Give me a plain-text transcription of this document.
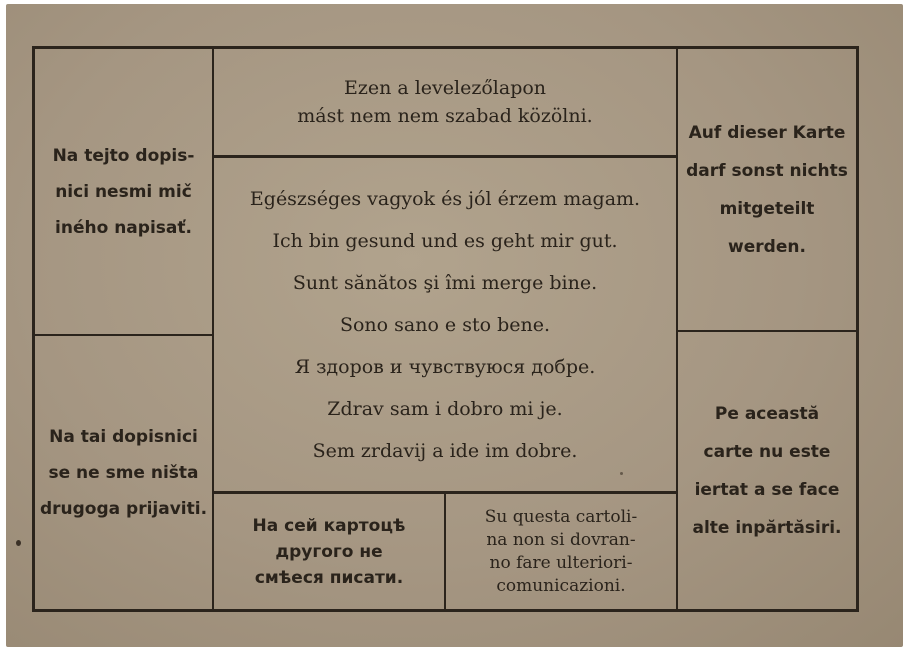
Ezen a levelezőlapon
mást nem nem szabad közölni.
Na tejto dopis-
nici nesmi mič
iného napisať.
Na tai dopisnici
se ne sme ništa
drugoga prijaviti.
Auf dieser Karte
darf sonst nichts
mitgeteilt
werden.
Pe această
carte nu este
iertat a se face
alte inpărtăsiri.
Egészséges vagyok és jól érzem magam.
Ich bin gesund und es geht mir gut.
Sunt sănătos şi îmi merge bine.
Sono sano e sto bene.
Я здоров и чувствуюся добре.
Zdrav sam i dobro mi je.
Sem zrdavij a ide im dobre.
На сей картоцѣ
другого не
смѣеся писати.
Su questa cartoli-
na non si dovran-
no fare ulteriori-
comunicazioni.
